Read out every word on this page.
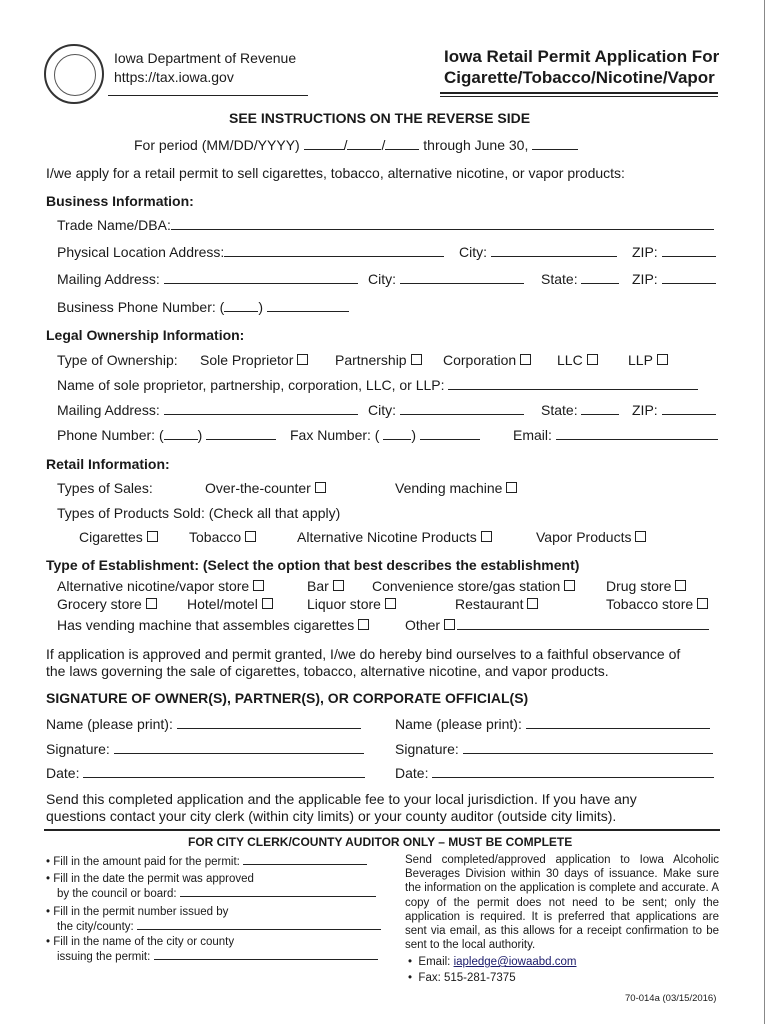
Iowa Department of Revenue
https://tax.iowa.gov
Iowa Retail Permit Application For
Cigarette/Tobacco/Nicotine/Vapor
SEE INSTRUCTIONS ON THE REVERSE SIDE
For period (MM/DD/YYYY)	/ /	through June 30,
I/we apply for a retail permit to sell cigarettes, tobacco, alternative nicotine, or vapor products:
Business Information:
Trade Name/DBA:
Physical Location Address:	City:	ZIP:
Mailing Address:	City:	State:	ZIP:
Business Phone Number: ( )
Legal Ownership Information:
Type of Ownership: Sole Proprietor	Partnership	Corporation	LLC	LLP
Name of sole proprietor, partnership, corporation, LLC, or LLP:
Mailing Address:	City:	State:	ZIP:
Phone Number: ( )	Fax Number: ( )	Email:
Retail Information:
Types of Sales:	Over-the-counter	Vending machine
Types of Products Sold: (Check all that apply)
Cigarettes	Tobacco	Alternative Nicotine Products	Vapor Products
Type of Establishment: (Select the option that best describes the establishment)
Alternative nicotine/vapor store	Bar	Convenience store/gas station	Drug store
Grocery store	Hotel/motel	Liquor store	Restaurant	Tobacco store
Has vending machine that assembles cigarettes	Other
If application is approved and permit granted, I/we do hereby bind ourselves to a faithful observance of
the laws governing the sale of cigarettes, tobacco, alternative nicotine, and vapor products.
SIGNATURE OF OWNER(S), PARTNER(S), OR CORPORATE OFFICIAL(S)
Name (please print):	Name (please print):
Signature:	Signature:
Date:	Date:
Send this completed application and the applicable fee to your local jurisdiction. If you have any
questions contact your city clerk (within city limits) or your county auditor (outside city limits).
FOR CITY CLERK/COUNTY AUDITOR ONLY – MUST BE COMPLETE
• Fill in the amount paid for the permit:
• Fill in the date the permit was approved
by the council or board:
• Fill in the permit number issued by
the city/county:
• Fill in the name of the city or county
issuing the permit:
Send completed/approved application to Iowa Alcoholic Beverages Division within 30 days of issuance. Make sure the information on the application is complete and accurate. A copy of the permit does not need to be sent; only the application is required. It is preferred that applications are sent via email, as this allows for a receipt confirmation to be sent to the local authority.
•  Email: iapledge@iowaabd.com
•  Fax: 515-281-7375
70-014a (03/15/2016)
